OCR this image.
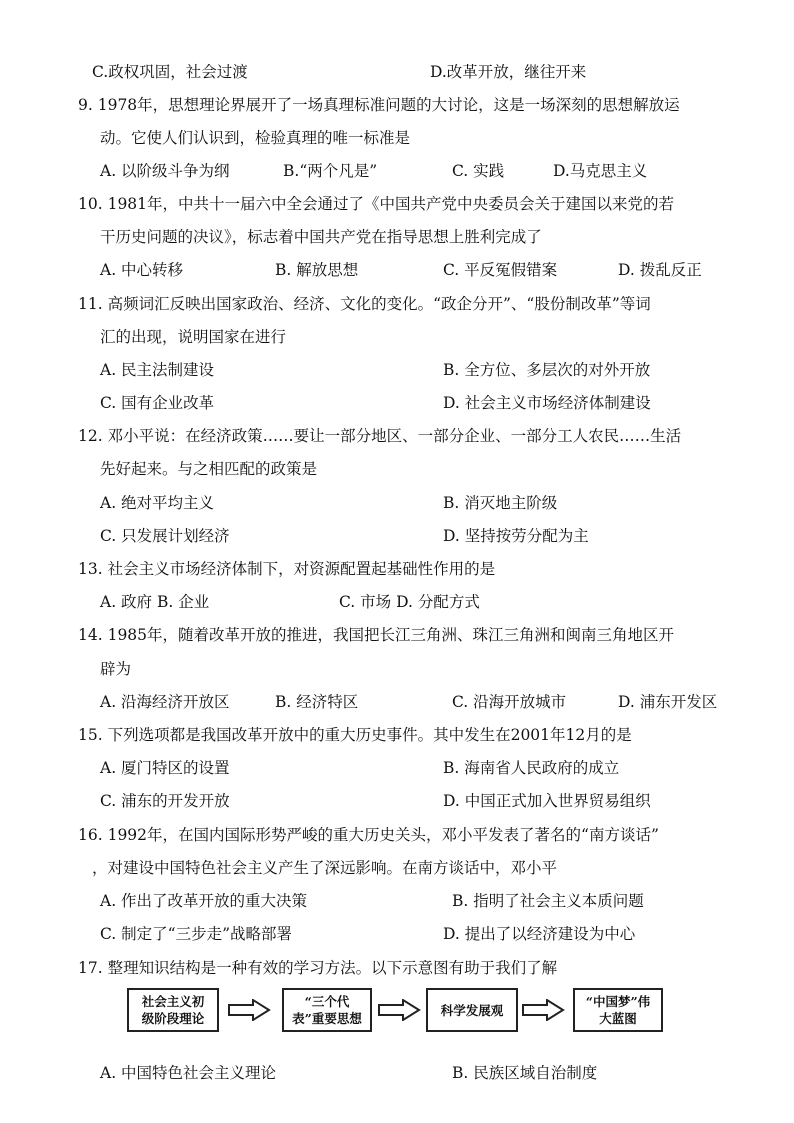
C.政权巩固，社会过渡	D.改革开放，继往开来
9. 1978年，思想理论界展开了一场真理标准问题的大讨论，这是一场深刻的思想解放运
动。它使人们认识到，检验真理的唯一标准是
A. 以阶级斗争为纲	B.“两个凡是”	C. 实践	D.马克思主义
10. 1981年，中共十一届六中全会通过了《中国共产党中央委员会关于建国以来党的若
干历史问题的决议》，标志着中国共产党在指导思想上胜利完成了
A. 中心转移	B. 解放思想	C. 平反冤假错案	D. 拨乱反正
11. 高频词汇反映出国家政治、经济、文化的变化。“政企分开”、“股份制改革”等词
汇的出现，说明国家在进行
A. 民主法制建设	B. 全方位、多层次的对外开放
C. 国有企业改革	D. 社会主义市场经济体制建设
12. 邓小平说：在经济政策……要让一部分地区、一部分企业、一部分工人农民……生活
先好起来。与之相匹配的政策是
A. 绝对平均主义	B. 消灭地主阶级
C. 只发展计划经济	D. 坚持按劳分配为主
13. 社会主义市场经济体制下，对资源配置起基础性作用的是
A. 政府 B. 企业	C. 市场 D. 分配方式
14. 1985年，随着改革开放的推进，我国把长江三角洲、珠江三角洲和闽南三角地区开
辟为
A. 沿海经济开放区	B. 经济特区	C. 沿海开放城市	D. 浦东开发区
15. 下列选项都是我国改革开放中的重大历史事件。其中发生在2001年12月的是
A. 厦门特区的设置	B. 海南省人民政府的成立
C. 浦东的开发开放	D. 中国正式加入世界贸易组织
16. 1992年，在国内国际形势严峻的重大历史关头，邓小平发表了著名的“南方谈话”
，对建设中国特色社会主义产生了深远影响。在南方谈话中，邓小平
A. 作出了改革开放的重大决策	B. 指明了社会主义本质问题
C. 制定了“三步走”战略部署	D. 提出了以经济建设为中心
17. 整理知识结构是一种有效的学习方法。以下示意图有助于我们了解
社会主义初级阶段理论
“三个代表”重要思想
科学发展观
“中国梦”伟大蓝图
A. 中国特色社会主义理论	B. 民族区域自治制度
